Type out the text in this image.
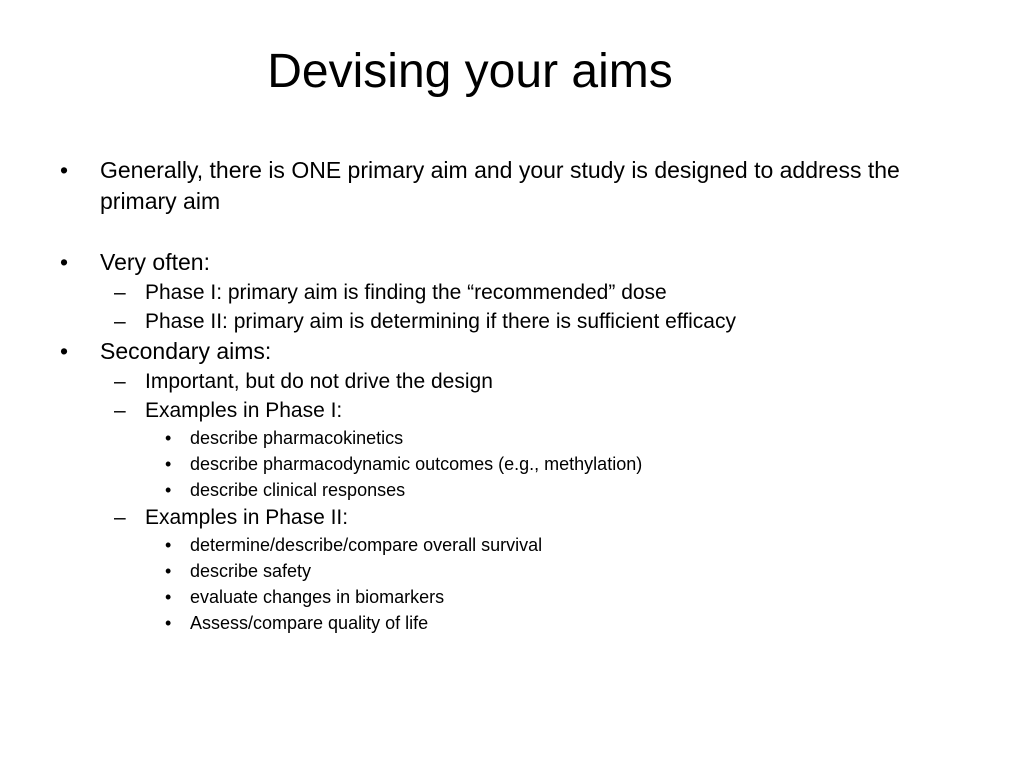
Devising your aims
• Generally, there is ONE primary aim and your study is designed to address the primary aim
• Very often:
– Phase I: primary aim is finding the “recommended” dose
– Phase II: primary aim is determining if there is sufficient efficacy
• Secondary aims:
– Important, but do not drive the design
– Examples in Phase I:
• describe pharmacokinetics
• describe pharmacodynamic outcomes (e.g., methylation)
• describe clinical responses
– Examples in Phase II:
• determine/describe/compare overall survival
• describe safety
• evaluate changes in biomarkers
• Assess/compare quality of life
